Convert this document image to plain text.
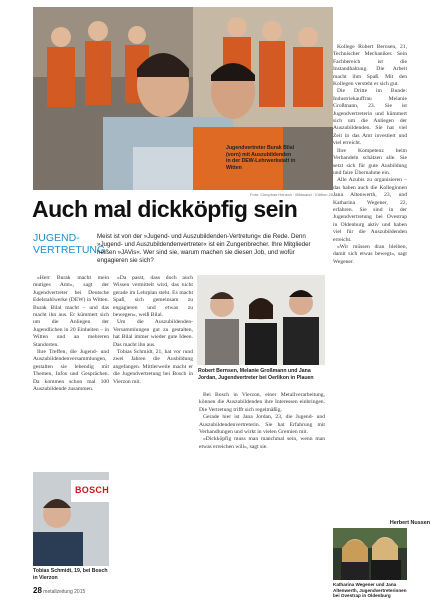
Jugendvertreter Burak Bilal
(vorn) mit Auszubildenden
in der DEW-Lehrwerkstatt in
Witten
Foto: Cleophas Hensch · Bildwand · Edition 28
Auch mal dickköpfig sein
JUGEND-
VERTRETUNG
Meist ist von der »Jugend- und Auszubildenden-Vertretung« die Rede. Denn »Jugend- und Auszubildendenvertreter« ist ein Zungenbrecher. Ihre Mitglieder heißen »JAVis«. Wer sind sie, warum machen sie diesen Job, und wofür engagieren sie sich?

»Herr Burak macht mein mutiges Amt«, sagt der Jugendvertreter bei Deutsche Edelstahlwerke (DEW) in Witten. Burak Bilal macht – und das macht ihn aus. Er kümmert sich um die Anliegen der Jugendlichen in 20 Einheiten – in Witten und an mehreren Standorten.

Ihre Treffen, die Jugend- und Auszubildendenversammlungen, gestalten sie lebendig mit Themen, Infos und Gesprächen. Da kommen schon mal 100 Auszubildende zusammen.

»Da passt, dass doch auch Wissen vermittelt wird, das nicht gerade im Lehrplan steht. Es macht Spaß, sich gemeinsam zu engagieren und etwas zu bewegen«, weiß Bilal.

Um die Auszubildenden-Versammlungen gut zu gestalten, hat Bilal immer wieder gute Ideen. Das macht ihn aus.

Tobias Schmidt, 21, hat vor rund zwei Jahren die Ausbildung angefangen. Mittlerweile macht er die Jugendvertretung bei Bosch in Vierzon mit.

Robert Bernsen, Melanie Großmann und Jana Jordan, Jugendvertreter bei Oerlikon in Plauen

Bei Bosch in Vierzon, einer Metallverarbeitung, können die Auszubildenden ihre Interessen einbringen. Die Vertretung trifft sich regelmäßig.

Gerade hier ist Jana Jordan, 23, die Jugend- und Auszubildendenvertreterin. Sie hat Erfahrung mit Verhandlungen und wirkt in vielen Gremien mit.

»Dickköpfig muss man manchmal sein, wenn man etwas erreichen will«, sagt sie.

Kollege Robert Bernsen, 21, Technischer Mechaniker. Sein Fachbereich ist die Instandhaltung. Die Arbeit macht ihm Spaß. Mit den Kollegen versteht er sich gut.

Die Dritte im Bunde: Industriekauffrau Melanie Großmann, 23. Sie ist Jugendvertreterin und kümmert sich um die Anliegen der Auszubildenden. Sie hat viel Zeit in das Amt investiert und viel erreicht.

Ihre Kompetenz beim Verhandeln schätzen alle. Sie setzt sich für gute Ausbildung und faire Übernahme ein.

Alle Azubis zu organisieren – das haben auch die Kolleginnen Jana Altenwerth, 23, und Katharina Wegener, 22, erfahren. Sie sind in der Jugendvertretung bei Ovestrap in Oldenburg aktiv und haben viel für die Auszubildenden erreicht.

»Wir müssen dran bleiben, damit sich etwas bewegt«, sagt Wegener.

Herbert Nussen
BOSCH
Tobias Schmidt, 19, bei Bosch in Vierzon
Katharina Wegener und Jana Altenwerth, Jugendvertreterinnen bei Ovestrap in Oldenburg
28 metallzeitung 2015
